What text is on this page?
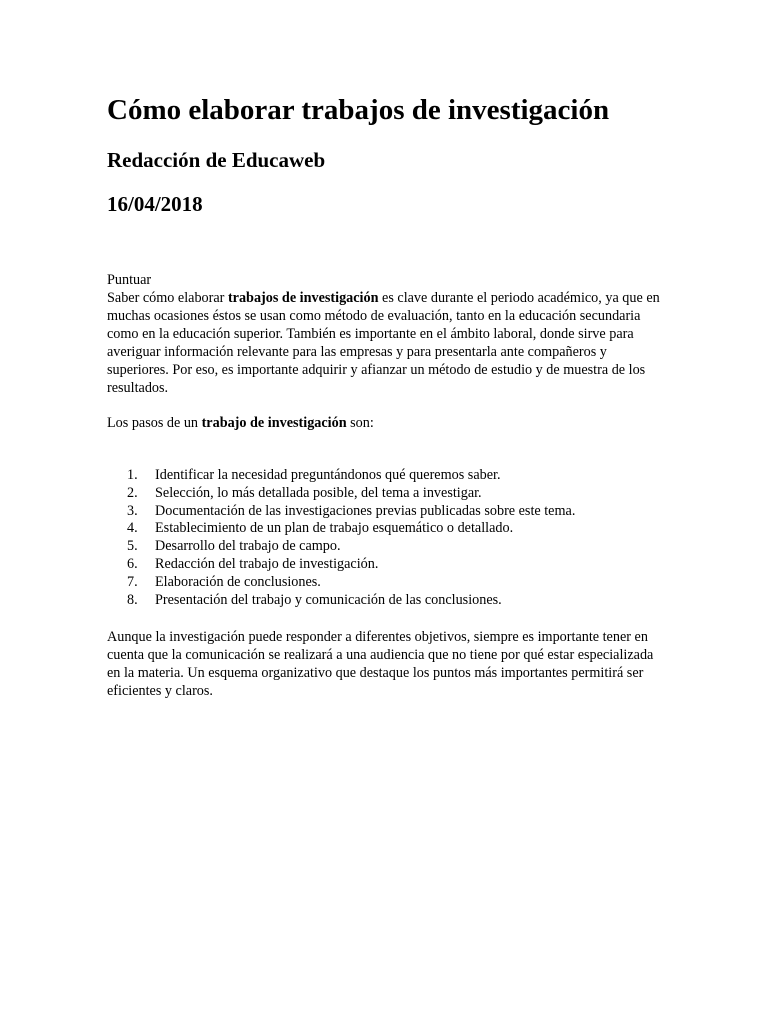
Cómo elaborar trabajos de investigación
Redacción de Educaweb
16/04/2018

Puntuar

Saber cómo elaborar trabajos de investigación es clave durante el periodo académico, ya que en muchas ocasiones éstos se usan como método de evaluación, tanto en la educación secundaria como en la educación superior. También es importante en el ámbito laboral, donde sirve para averiguar información relevante para las empresas y para presentarla ante compañeros y superiores. Por eso, es importante adquirir y afianzar un método de estudio y de muestra de los resultados.

Los pasos de un trabajo de investigación son:

1. Identificar la necesidad preguntándonos qué queremos saber.
2. Selección, lo más detallada posible, del tema a investigar.
3. Documentación de las investigaciones previas publicadas sobre este tema.
4. Establecimiento de un plan de trabajo esquemático o detallado.
5. Desarrollo del trabajo de campo.
6. Redacción del trabajo de investigación.
7. Elaboración de conclusiones.
8. Presentación del trabajo y comunicación de las conclusiones.

Aunque la investigación puede responder a diferentes objetivos, siempre es importante tener en cuenta que la comunicación se realizará a una audiencia que no tiene por qué estar especializada en la materia. Un esquema organizativo que destaque los puntos más importantes permitirá ser eficientes y claros.
